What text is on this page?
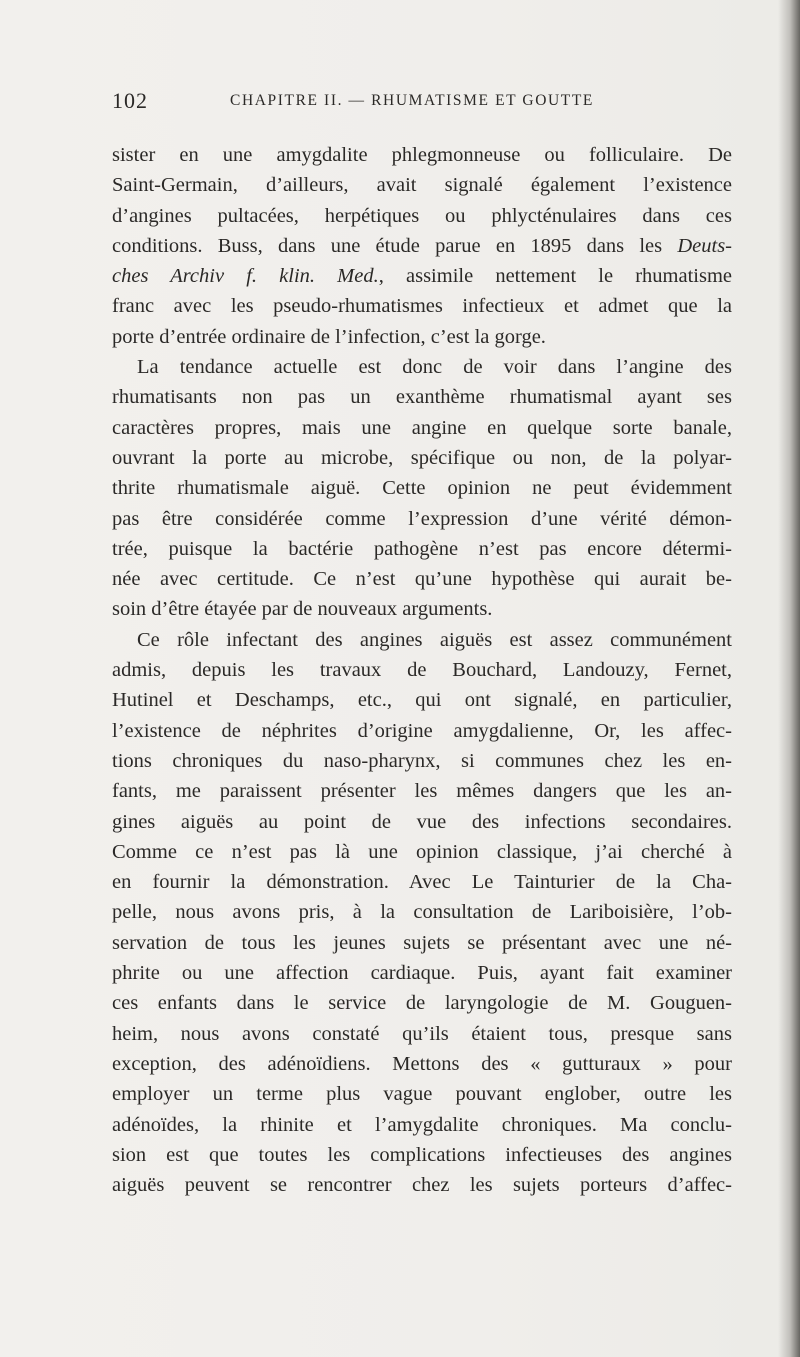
102	CHAPITRE II. — RHUMATISME ET GOUTTE
sister en une amygdalite phlegmonneuse ou folliculaire. De
Saint-Germain, d’ailleurs, avait signalé également l’existence
d’angines pultacées, herpétiques ou phlycténulaires dans ces
conditions. Buss, dans une étude parue en 1895 dans les Deuts-
ches Archiv f. klin. Med., assimile nettement le rhumatisme
franc avec les pseudo-rhumatismes infectieux et admet que la
porte d’entrée ordinaire de l’infection, c’est la gorge.
La tendance actuelle est donc de voir dans l’angine des
rhumatisants non pas un exanthème rhumatismal ayant ses
caractères propres, mais une angine en quelque sorte banale,
ouvrant la porte au microbe, spécifique ou non, de la polyar-
thrite rhumatismale aiguë. Cette opinion ne peut évidemment
pas être considérée comme l’expression d’une vérité démon-
trée, puisque la bactérie pathogène n’est pas encore détermi-
née avec certitude. Ce n’est qu’une hypothèse qui aurait be-
soin d’être étayée par de nouveaux arguments.
Ce rôle infectant des angines aiguës est assez communément
admis, depuis les travaux de Bouchard, Landouzy, Fernet,
Hutinel et Deschamps, etc., qui ont signalé, en particulier,
l’existence de néphrites d’origine amygdalienne, Or, les affec-
tions chroniques du naso-pharynx, si communes chez les en-
fants, me paraissent présenter les mêmes dangers que les an-
gines aiguës au point de vue des infections secondaires.
Comme ce n’est pas là une opinion classique, j’ai cherché à
en fournir la démonstration. Avec Le Tainturier de la Cha-
pelle, nous avons pris, à la consultation de Lariboisière, l’ob-
servation de tous les jeunes sujets se présentant avec une né-
phrite ou une affection cardiaque. Puis, ayant fait examiner
ces enfants dans le service de laryngologie de M. Gouguen-
heim, nous avons constaté qu’ils étaient tous, presque sans
exception, des adénoïdiens. Mettons des « gutturaux » pour
employer un terme plus vague pouvant englober, outre les
adénoïdes, la rhinite et l’amygdalite chroniques. Ma conclu-
sion est que toutes les complications infectieuses des angines
aiguës peuvent se rencontrer chez les sujets porteurs d’affec-
